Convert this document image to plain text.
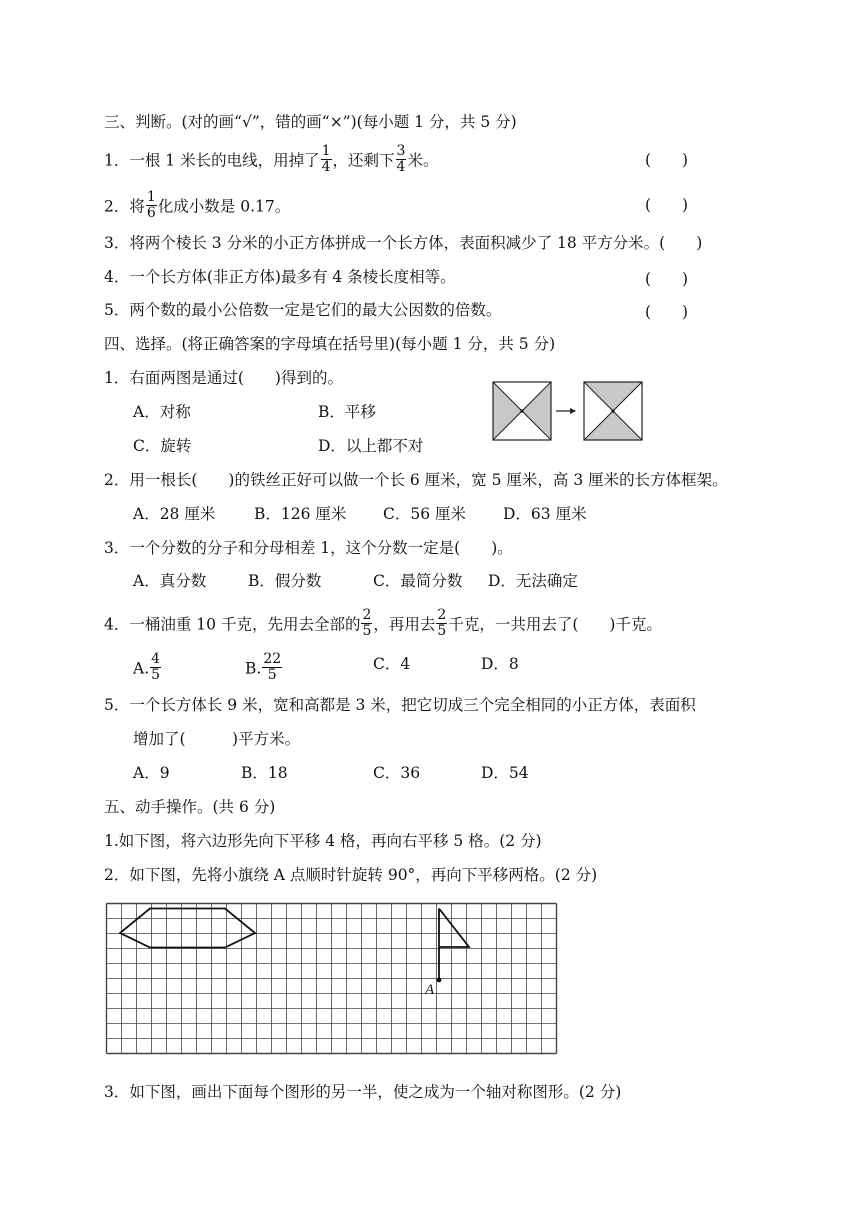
三、判断。(对的画“√”，错的画“×”)(每小题 1 分，共 5 分)
1．一根 1 米长的电线，用掉了 $\frac{1}{4}$ ，还剩下 $\frac{3}{4}$ 米。	(　　)
2．将 $\frac{1}{6}$ 化成小数是 0.17。	(　　)
3．将两个棱长 3 分米的小正方体拼成一个长方体，表面积减少了 18 平方分米。(　　)
4．一个长方体(非正方体)最多有 4 条棱长度相等。	(　　)
5．两个数的最小公倍数一定是它们的最大公因数的倍数。	(　　)
四、选择。(将正确答案的字母填在括号里)(每小题 1 分，共 5 分)
1．右面两图是通过(　　)得到的。
A．对称	B．平移
C．旋转	D．以上都不对
2．用一根长(　　)的铁丝正好可以做一个长 6 厘米，宽 5 厘米，高 3 厘米的长方体框架。
A．28 厘米 B．126 厘米 C．56 厘米 D．63 厘米
3．一个分数的分子和分母相差 1，这个分数一定是(　　)。
A．真分数	B．假分数	C．最简分数 D．无法确定
4．一桶油重 10 千克，先用去全部的 $\frac{2}{5}$ ，再用去 $\frac{2}{5}$ 千克，一共用去了(　　)千克。
A. $\frac{4}{5}$	B. $\frac{22}{5}$	C．4	D．8
5．一个长方体长 9 米，宽和高都是 3 米，把它切成三个完全相同的小正方体，表面积
增加了(　　　)平方米。
A．9	B．18	C．36	D．54
五、动手操作。(共 6 分)
1.如下图，将六边形先向下平移 4 格，再向右平移 5 格。(2 分)
2．如下图，先将小旗绕 A 点顺时针旋转 90°，再向下平移两格。(2 分)
A
3．如下图，画出下面每个图形的另一半，使之成为一个轴对称图形。(2 分)
